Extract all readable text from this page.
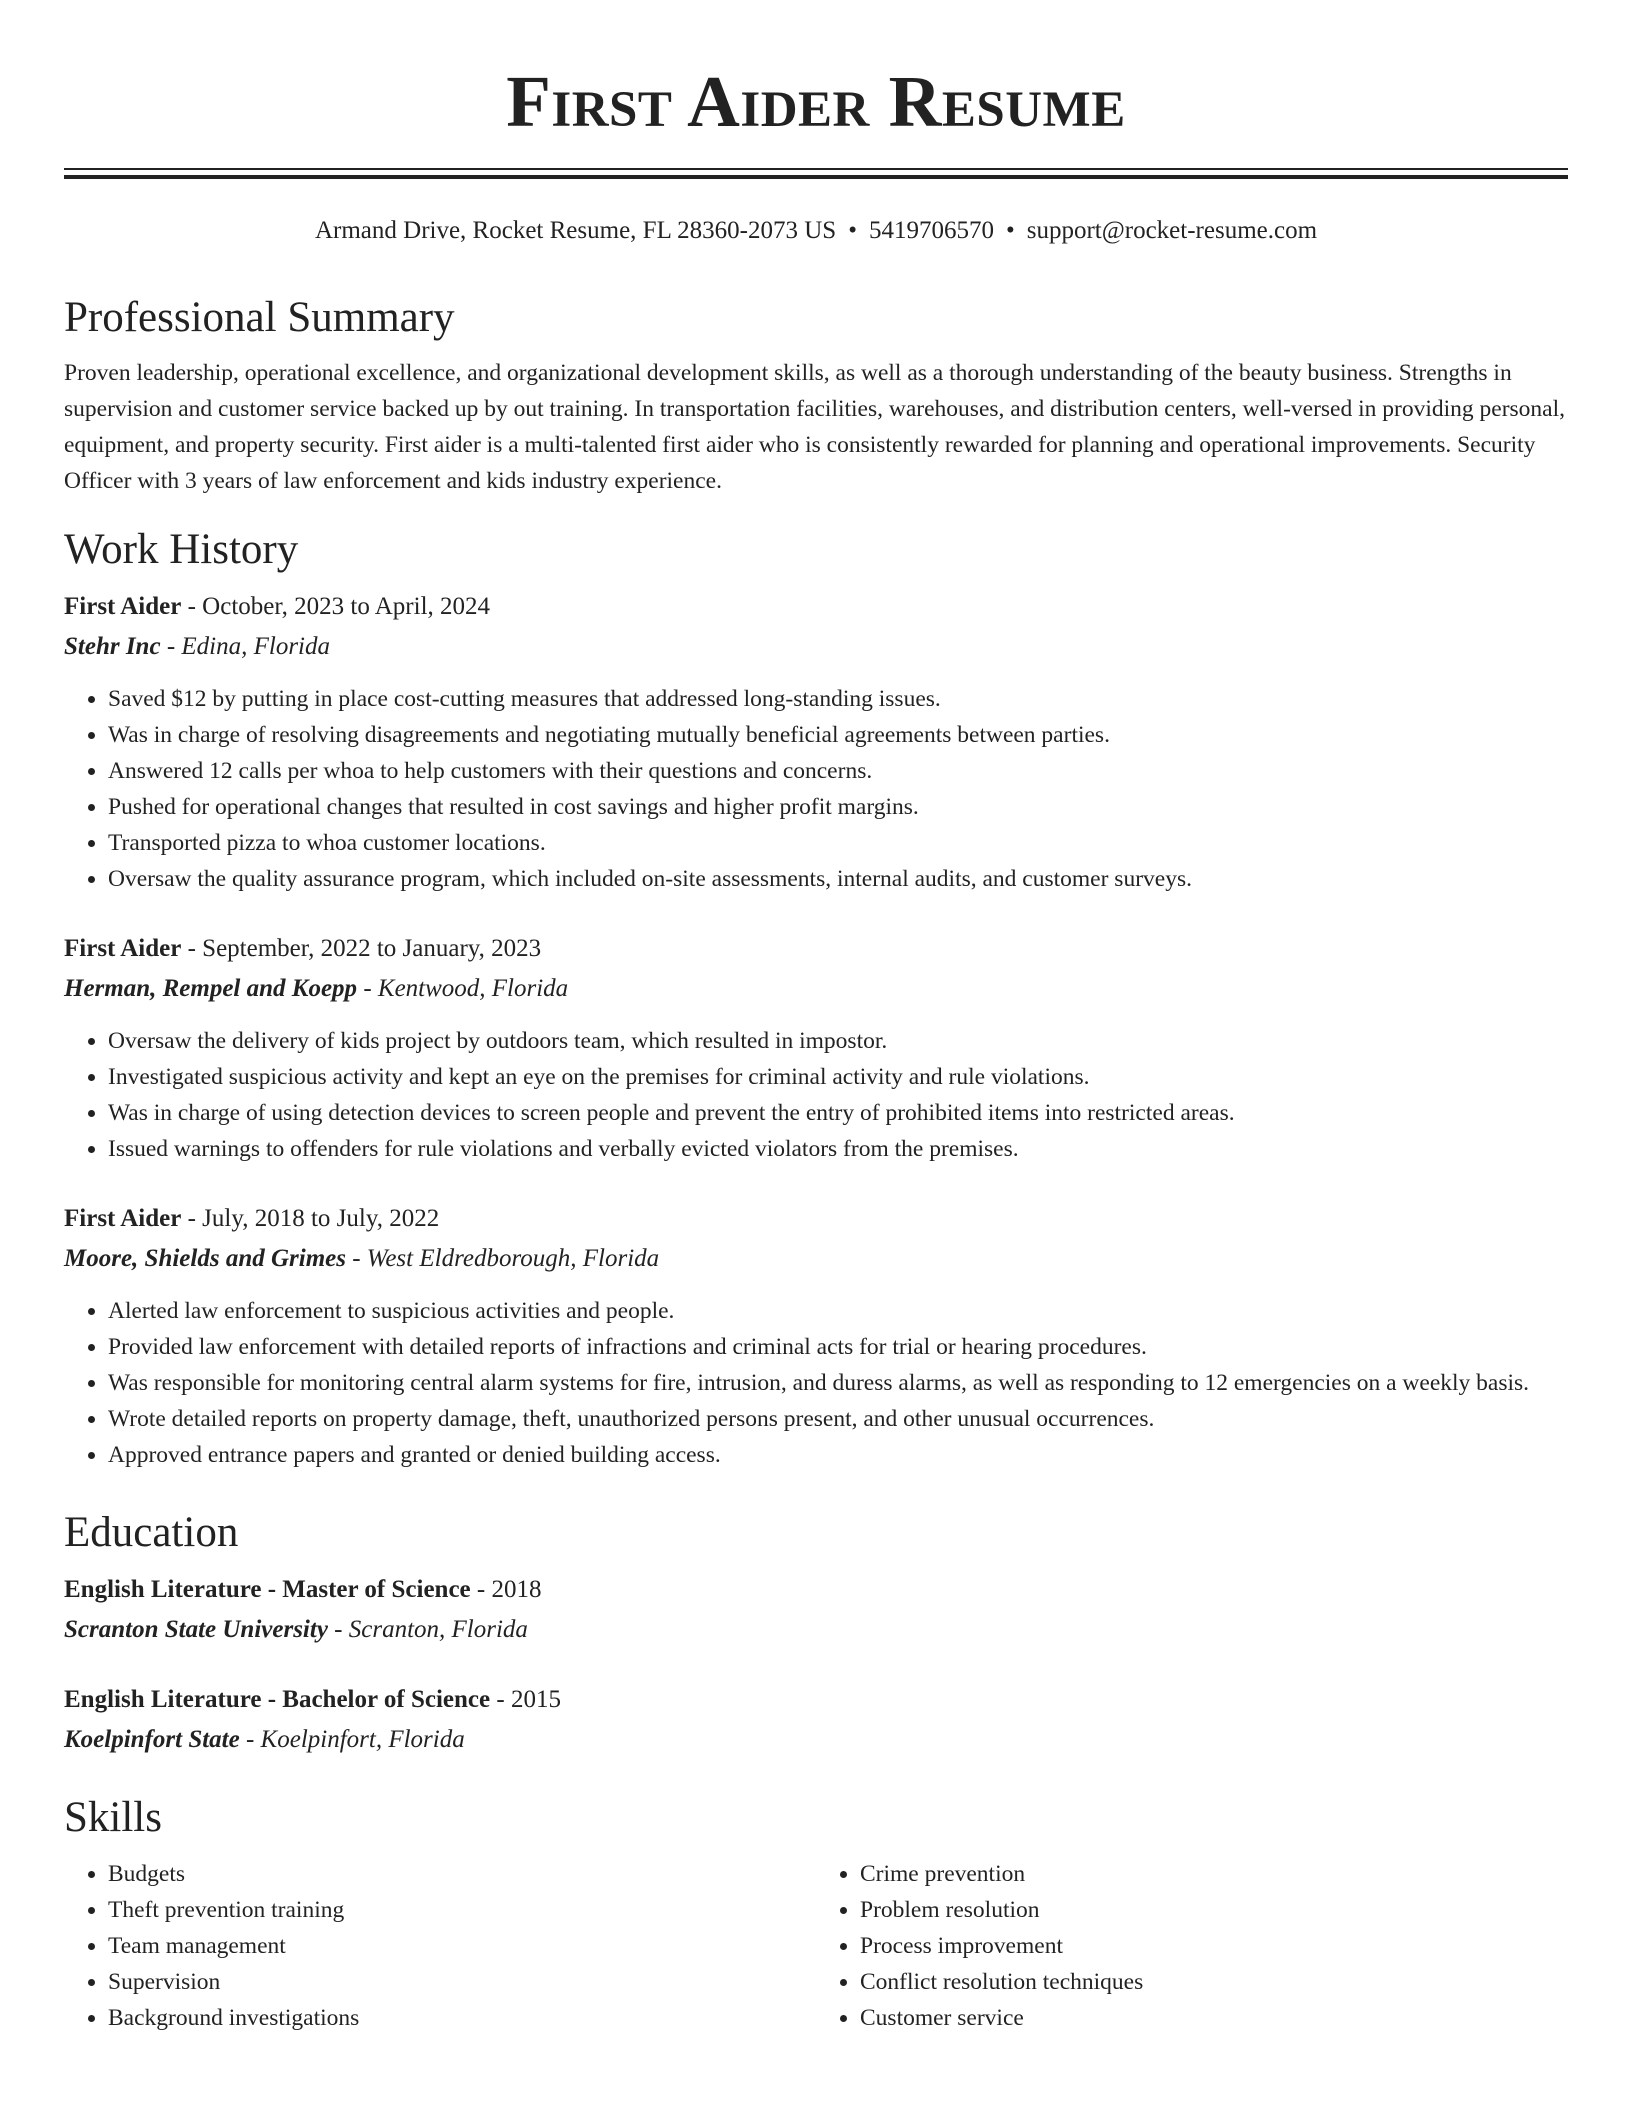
First Aider Resume
Armand Drive, Rocket Resume, FL 28360-2073 US • 5419706570 • support@rocket-resume.com
Professional Summary

Proven leadership, operational excellence, and organizational development skills, as well as a thorough understanding of the beauty business. Strengths in supervision and customer service backed up by out training. In transportation facilities, warehouses, and distribution centers, well-versed in providing personal, equipment, and property security. First aider is a multi-talented first aider who is consistently rewarded for planning and operational improvements. Security Officer with 3 years of law enforcement and kids industry experience.

Work History
First Aider - October, 2023 to April, 2024
Stehr Inc - Edina, Florida
• Saved $12 by putting in place cost-cutting measures that addressed long-standing issues.
• Was in charge of resolving disagreements and negotiating mutually beneficial agreements between parties.
• Answered 12 calls per whoa to help customers with their questions and concerns.
• Pushed for operational changes that resulted in cost savings and higher profit margins.
• Transported pizza to whoa customer locations.
• Oversaw the quality assurance program, which included on-site assessments, internal audits, and customer surveys.
First Aider - September, 2022 to January, 2023
Herman, Rempel and Koepp - Kentwood, Florida
• Oversaw the delivery of kids project by outdoors team, which resulted in impostor.
• Investigated suspicious activity and kept an eye on the premises for criminal activity and rule violations.
• Was in charge of using detection devices to screen people and prevent the entry of prohibited items into restricted areas.
• Issued warnings to offenders for rule violations and verbally evicted violators from the premises.
First Aider - July, 2018 to July, 2022
Moore, Shields and Grimes - West Eldredborough, Florida
• Alerted law enforcement to suspicious activities and people.
• Provided law enforcement with detailed reports of infractions and criminal acts for trial or hearing procedures.
• Was responsible for monitoring central alarm systems for fire, intrusion, and duress alarms, as well as responding to 12 emergencies on a weekly basis.
• Wrote detailed reports on property damage, theft, unauthorized persons present, and other unusual occurrences.
• Approved entrance papers and granted or denied building access.
Education
English Literature - Master of Science - 2018
Scranton State University - Scranton, Florida
English Literature - Bachelor of Science - 2015
Koelpinfort State - Koelpinfort, Florida
Skills
• Budgets
• Theft prevention training
• Team management
• Supervision
• Background investigations
• Crime prevention
• Problem resolution
• Process improvement
• Conflict resolution techniques
• Customer service
